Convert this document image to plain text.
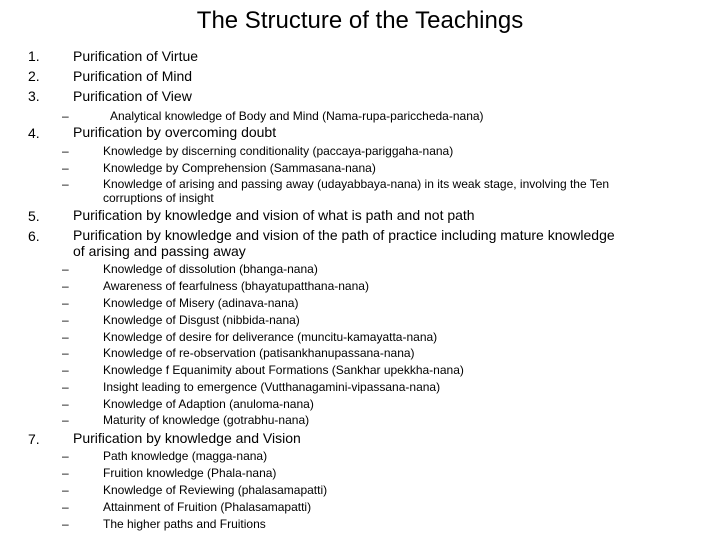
The Structure of the Teachings
1. Purification of Virtue
2. Purification of Mind
3. Purification of View
–	Analytical knowledge of Body and Mind (Nama-rupa-pariccheda-nana)
4. Purification by overcoming doubt
–	Knowledge by discerning conditionality (paccaya-pariggaha-nana)
–	Knowledge by Comprehension (Sammasana-nana)
–	Knowledge of arising and passing away (udayabbaya-nana) in its weak stage, involving the Ten
corruptions of insight
5. Purification by knowledge and vision of what is path and not path
6. Purification by knowledge and vision of the path of practice including mature knowledge
of arising and passing away
–	Knowledge of dissolution (bhanga-nana)
–	Awareness of fearfulness (bhayatupatthana-nana)
–	Knowledge of Misery (adinava-nana)
–	Knowledge of Disgust (nibbida-nana)
–	Knowledge of desire for deliverance (muncitu-kamayatta-nana)
–	Knowledge of re-observation (patisankhanupassana-nana)
–	Knowledge f Equanimity about Formations (Sankhar upekkha-nana)
–	Insight leading to emergence (Vutthanagamini-vipassana-nana)
–	Knowledge of Adaption (anuloma-nana)
–	Maturity of knowledge (gotrabhu-nana)
7. Purification by knowledge and Vision
–	Path knowledge (magga-nana)
–	Fruition knowledge (Phala-nana)
–	Knowledge of Reviewing (phalasamapatti)
–	Attainment of Fruition (Phalasamapatti)
–	The higher paths and Fruitions
